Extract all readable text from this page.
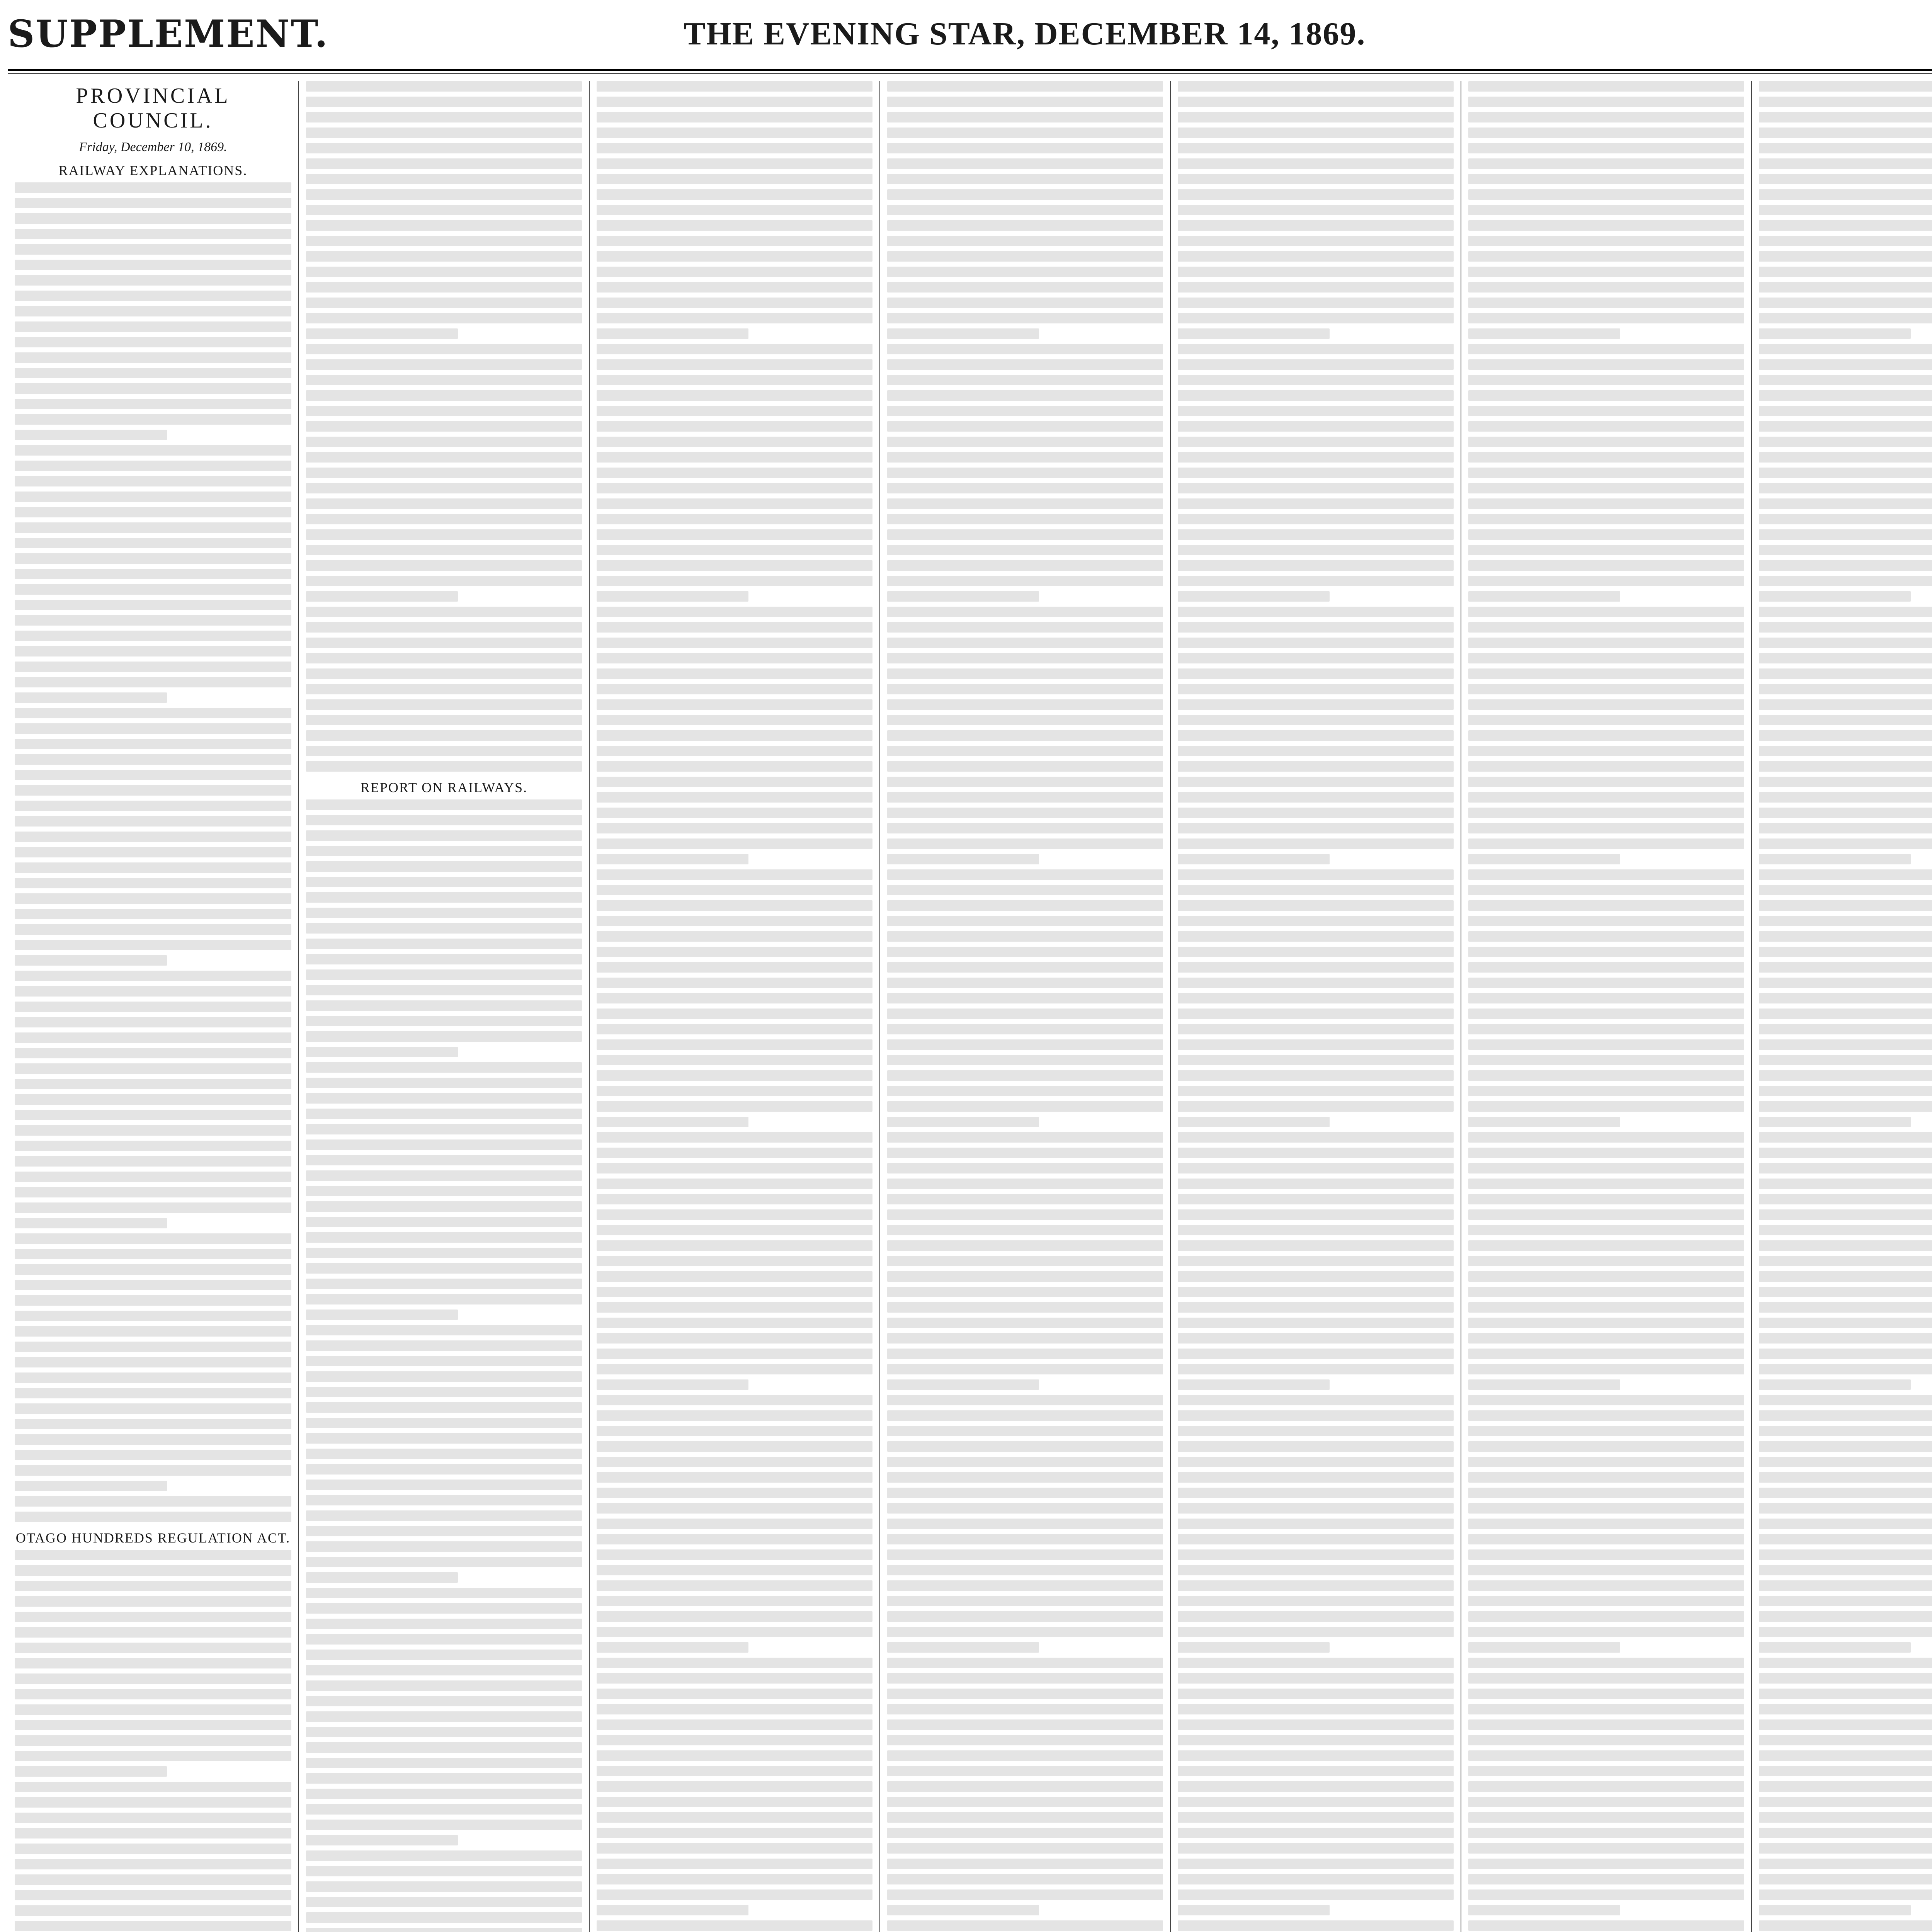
SUPPLEMENT.	THE EVENING STAR, DECEMBER 14, 1869.
PROVINCIAL COUNCIL.
Friday, December 10, 1869.
RAILWAY EXPLANATIONS.
OTAGO HUNDREDS REGULATION ACT.
REPORT ON RAILWAYS.
